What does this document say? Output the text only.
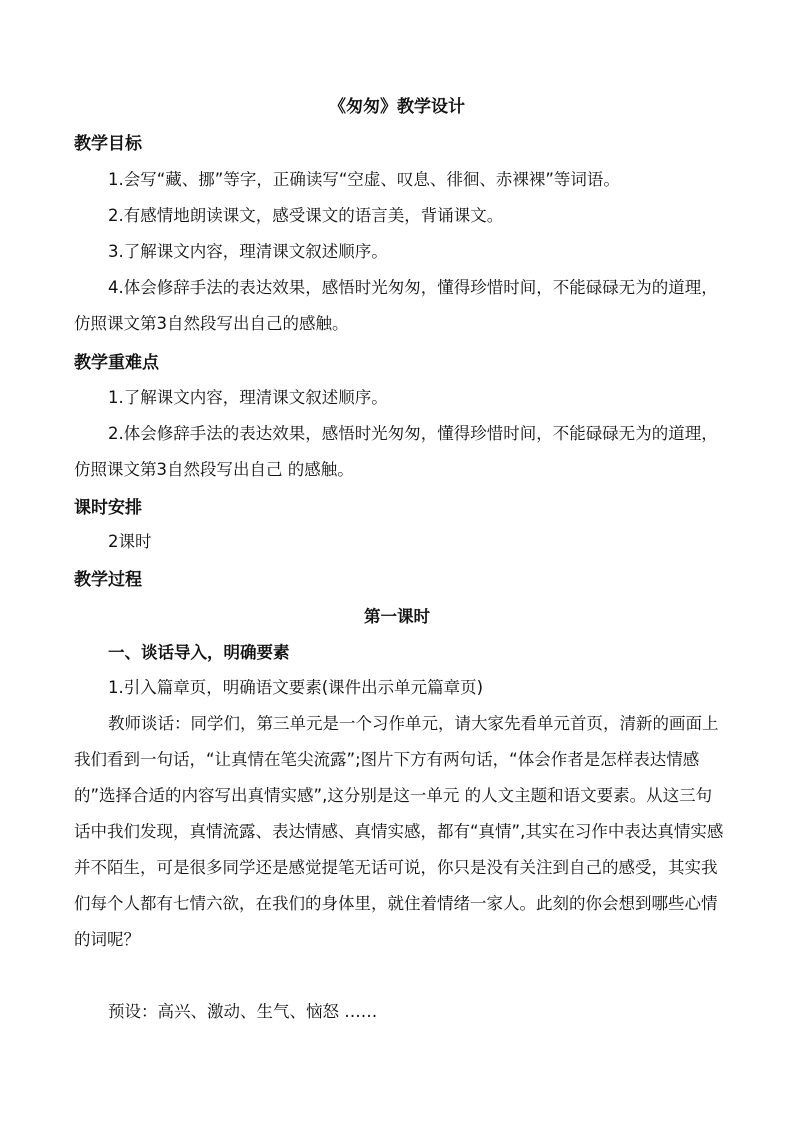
《匆匆》教学设计
教学目标
1.会写“藏、挪”等字，正确读写“空虚、叹息、徘徊、赤裸裸”等词语。
2.有感情地朗读课文，感受课文的语言美，背诵课文。
3.了解课文内容，理清课文叙述顺序。
4.体会修辞手法的表达效果，感悟时光匆匆，懂得珍惜时间，不能碌碌无为的道理，仿照课文第3自然段写出自己的感触。
教学重难点
1.了解课文内容，理清课文叙述顺序。
2.体会修辞手法的表达效果，感悟时光匆匆，懂得珍惜时间，不能碌碌无为的道理，仿照课文第3自然段写出自己 的感触。
课时安排
2课时
教学过程
第一课时
一、谈话导入，明确要素
1.引入篇章页，明确语文要素(课件出示单元篇章页)
教师谈话：同学们，第三单元是一个习作单元，请大家先看单元首页，清新的画面上我们看到一句话，“让真情在笔尖流露”;图片下方有两句话，“体会作者是怎样表达情感的”选择合适的内容写出真情实感”,这分别是这一单元 的人文主题和语文要素。从这三句话中我们发现，真情流露、表达情感、真情实感，都有“真情”,其实在习作中表达真情实感并不陌生，可是很多同学还是感觉提笔无话可说，你只是没有关注到自己的感受，其实我们每个人都有七情六欲，在我们的身体里，就住着情绪一家人。此刻的你会想到哪些心情的词呢？
预设：高兴、激动、生气、恼怒 ……
